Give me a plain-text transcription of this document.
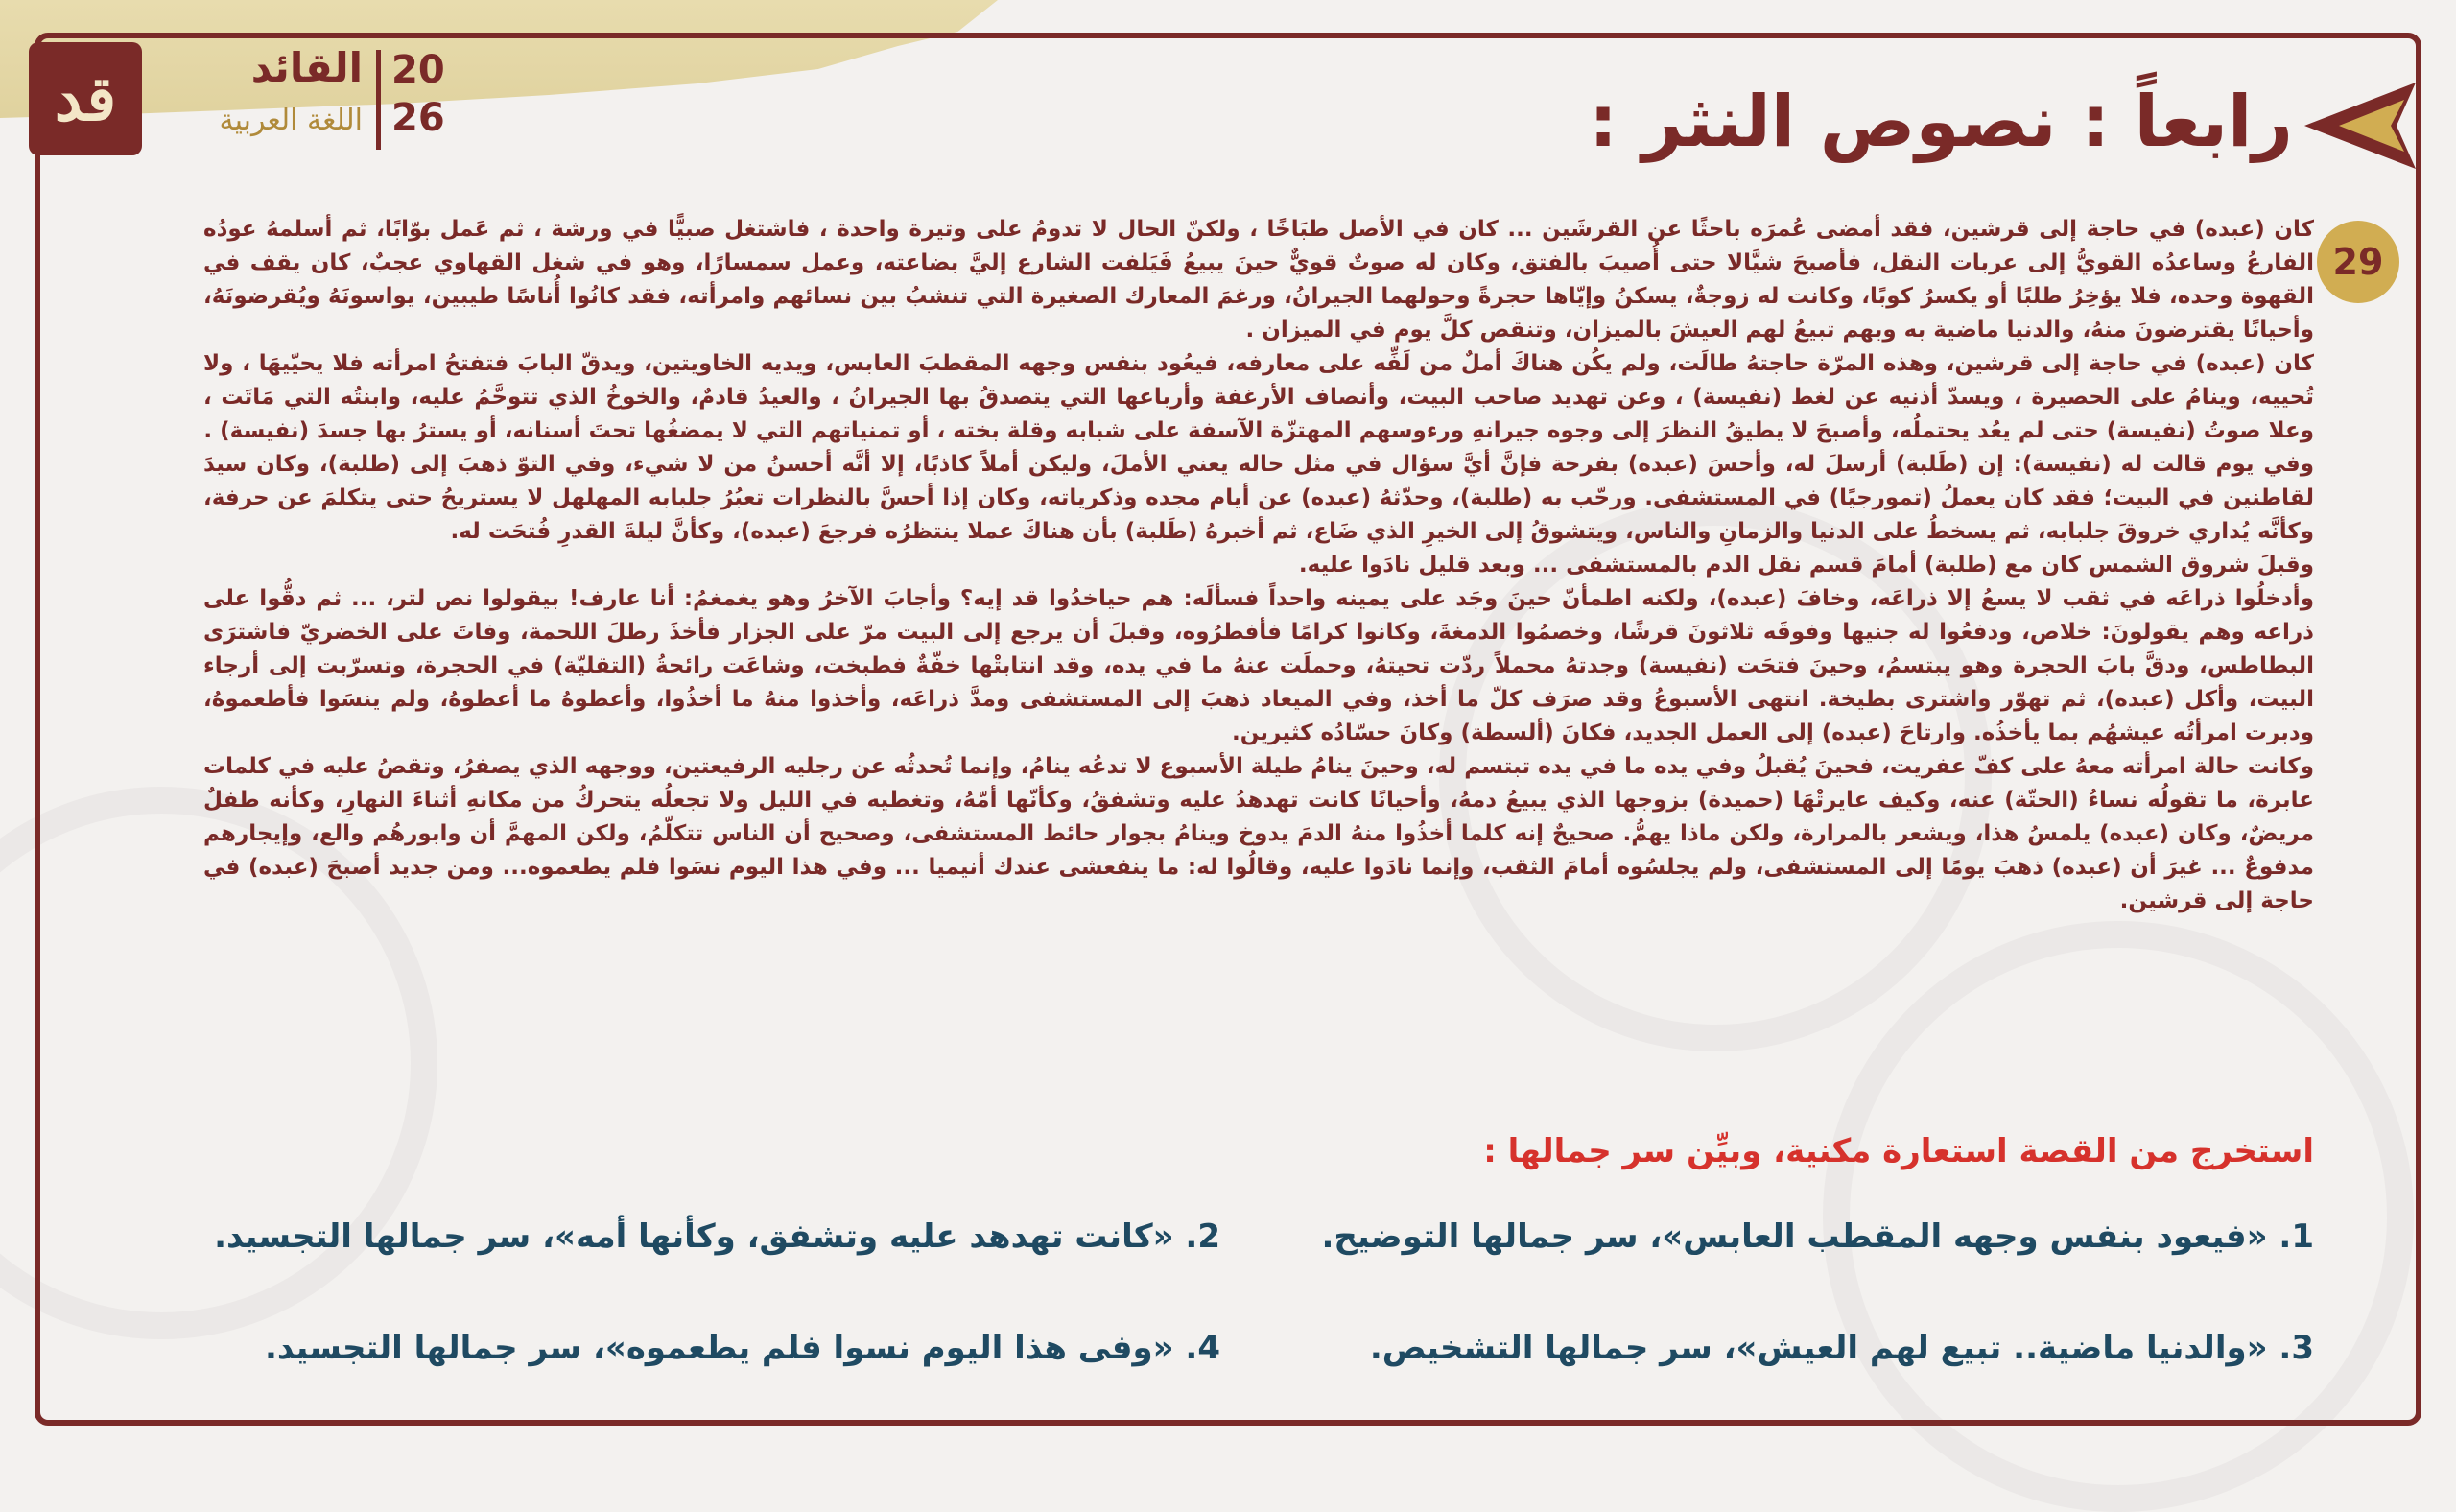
قد	القائد
اللغة العربية
20
26	رابعاً : نصوص النثر :
29

كان (عبده) في حاجة إلى قرشين، فقد أمضى عُمرَه باحثًا عن القرشَين ... كان في الأصل طبَاخًا ، ولكنّ الحال لا تدومُ على وتيرة واحدة ، فاشتغل صبيًّا في ورشة ، ثم عَمل بوّابًا، ثم أسلمهُ عودُه الفارعُ وساعدُه القويُّ إلى عربات النقل، فأصبحَ شيَّالا حتى أُصيبَ بالفتق، وكان له صوتٌ قويٌّ حينَ يبيعُ فَيَلفت الشارع إليَّ بضاعته، وعمل سمسارًا، وهو في شغل القهاوي عجبٌ، كان يقف في القهوة وحده، فلا يؤخِرُ طلبًا أو يكسرُ كوبًا، وكانت له زوجةٌ، يسكنُ وإيّاها حجرةً وحولهما الجيرانُ، ورغمَ المعارك الصغيرة التي تنشبُ بين نسائهم وامرأته، فقد كانُوا أُناسًا طيبين، يواسونَهُ ويُقرضونَهُ، وأحيانًا يقترضونَ منهُ، والدنيا ماضية به وبهم تبيعُ لهم العيشَ بالميزان، وتنقص كلَّ يوم في الميزان .

كان (عبده) في حاجة إلى قرشين، وهذه المرّة حاجتهُ طالَت، ولم يكُن هناكَ أملٌ من لَفِّه على معارفه، فيعُود بنفس وجهه المقطبَ العابس، ويديه الخاويتين، ويدقّ البابَ فتفتحُ امرأته فلا يحيّيهَا ، ولا تُحييه، وينامُ على الحصيرة ، ويسدّ أذنيه عن لغط (نفيسة) ، وعن تهديد صاحب البيت، وأنصاف الأرغفة وأرباعها التي يتصدقُ بها الجيرانُ ، والعيدُ قادمٌ، والخوخُ الذي تتوحَّمُ عليه، وابنتُه التي مَاتَت ، وعلا صوتُ (نفيسة) حتى لم يعُد يحتملُه، وأصبحَ لا يطيقُ النظرَ إلى وجوه جيرانهِ ورءوسهم المهتزّة الآسفة على شبابه وقلة بخته ، أو تمنياتهم التي لا يمضغُها تحتَ أسنانه، أو يسترُ بها جسدَ (نفيسة) .

وفي يوم قالت له (نفيسة): إن (طَلبة) أرسلَ له، وأحسَ (عبده) بفرحة فإنَّ أيَّ سؤال في مثل حاله يعني الأملَ، وليكن أملاً كاذبًا، إلا أنَّه أحسنُ من لا شيء، وفي التوّ ذهبَ إلى (طلبة)، وكان سيدَ لقاطنين في البيت؛ فقد كان يعملُ (تمورجيًا) في المستشفى. ورحّب به (طلبة)، وحدّثهُ (عبده) عن أيام مجده وذكرياته، وكان إذا أحسَّ بالنظرات تعبُرُ جلبابه المهلهل لا يستريحُ حتى يتكلمَ عن حرفة، وكأنَّه يُداري خروقَ جلبابه، ثم يسخطُ على الدنيا والزمانِ والناس، ويتشوقُ إلى الخيرِ الذي ضَاع، ثم أخبرهُ (طَلبة) بأن هناكَ عملا ينتظرُه فرجعَ (عبده)، وكأنَّ ليلةَ القدرِ فُتحَت له.

وقبلَ شروق الشمس كان مع (طلبة) أمامَ قسم نقل الدم بالمستشفى ... وبعد قليل نادَوا عليه.

وأدخلُوا ذراعَه في ثقب لا يسعُ إلا ذراعَه، وخافَ (عبده)، ولكنه اطمأنّ حينَ وجَد على يمينه واحداً فسألَه: هم حياخدُوا قد إيه؟ وأجابَ الآخرُ وهو يغمغمُ: أنا عارف! بيقولوا نص لتر، ... ثم دقُّوا على ذراعه وهم يقولونَ: خلاص، ودفعُوا له جنيها وفوقَه ثلاثونَ قرشًا، وخصمُوا الدمغةَ، وكانوا كرامًا فأفطرُوه، وقبلَ أن يرجع إلى البيت مرّ على الجزار فأخذَ رطلَ اللحمة، وفاتَ على الخضريّ فاشترَى البطاطس، ودقَّ بابَ الحجرة وهو يبتسمُ، وحينَ فتحَت (نفيسة) وجدتهُ محملاً ردّت تحيتهُ، وحملَت عنهُ ما في يده، وقد انتابتْها خفّةٌ فطبخت، وشاعَت رائحةُ (التقليّة) في الحجرة، وتسرّبت إلى أرجاء البيت، وأكل (عبده)، ثم تهوّر واشترى بطيخة. انتهى الأسبوعُ وقد صرَف كلّ ما أخذ، وفي الميعاد ذهبَ إلى المستشفى ومدَّ ذراعَه، وأخذوا منهُ ما أخذُوا، وأعطوهُ ما أعطوهُ، ولم ينسَوا فأطعموهُ، ودبرت امرأتُه عيشهُم بما يأخذُه. وارتاحَ (عبده) إلى العمل الجديد، فكانَ (ألسطة) وكانَ حسّادُه كثيرين.

وكانت حالة امرأته معهُ على كفّ عفريت، فحينَ يُقبلُ وفي يده ما في يده تبتسم له، وحينَ ينامُ طيلة الأسبوع لا تدعُه ينامُ، وإنما تُحدثُه عن رجليه الرفيعتين، ووجهه الذي يصفرُ، وتقصُ عليه في كلمات عابرة، ما تقولُه نساءُ (الحتّة) عنه، وكيف عايرتْهَا (حميدة) بزوجها الذي يبيعُ دمهُ، وأحيانًا كانت تهدهدُ عليه وتشفقُ، وكأنّها أمّهُ، وتغطيه في الليل ولا تجعلُه يتحركُ من مكانهِ أثناءَ النهارِ، وكأنه طفلٌ مريضٌ، وكان (عبده) يلمسُ هذا، ويشعر بالمرارة، ولكن ماذا يهمُّ. صحيحٌ إنه كلما أخذُوا منهُ الدمَ يدوخ وينامُ بجوار حائط المستشفى، وصحيح أن الناس تتكلّمُ، ولكن المهمَّ أن وابورهُم والع، وإيجارهم مدفوعٌ ... غيرَ أن (عبده) ذهبَ يومًا إلى المستشفى، ولم يجلسُوه أمامَ الثقب، وإنما نادَوا عليه، وقالُوا له: ما ينفعشى عندك أنيميا ... وفي هذا اليوم نسَوا فلم يطعموه... ومن جديد أصبحَ (عبده) في حاجة إلى قرشين.

استخرج من القصة استعارة مكنية، وبيِّن سر جمالها :
1. «فيعود بنفس وجهه المقطب العابس»، سر جمالها التوضيح.
2. «كانت تهدهد عليه وتشفق، وكأنها أمه»، سر جمالها التجسيد.
3. «والدنيا ماضية.. تبيع لهم العيش»، سر جمالها التشخيص.
4. «وفى هذا اليوم نسوا فلم يطعموه»، سر جمالها التجسيد.
